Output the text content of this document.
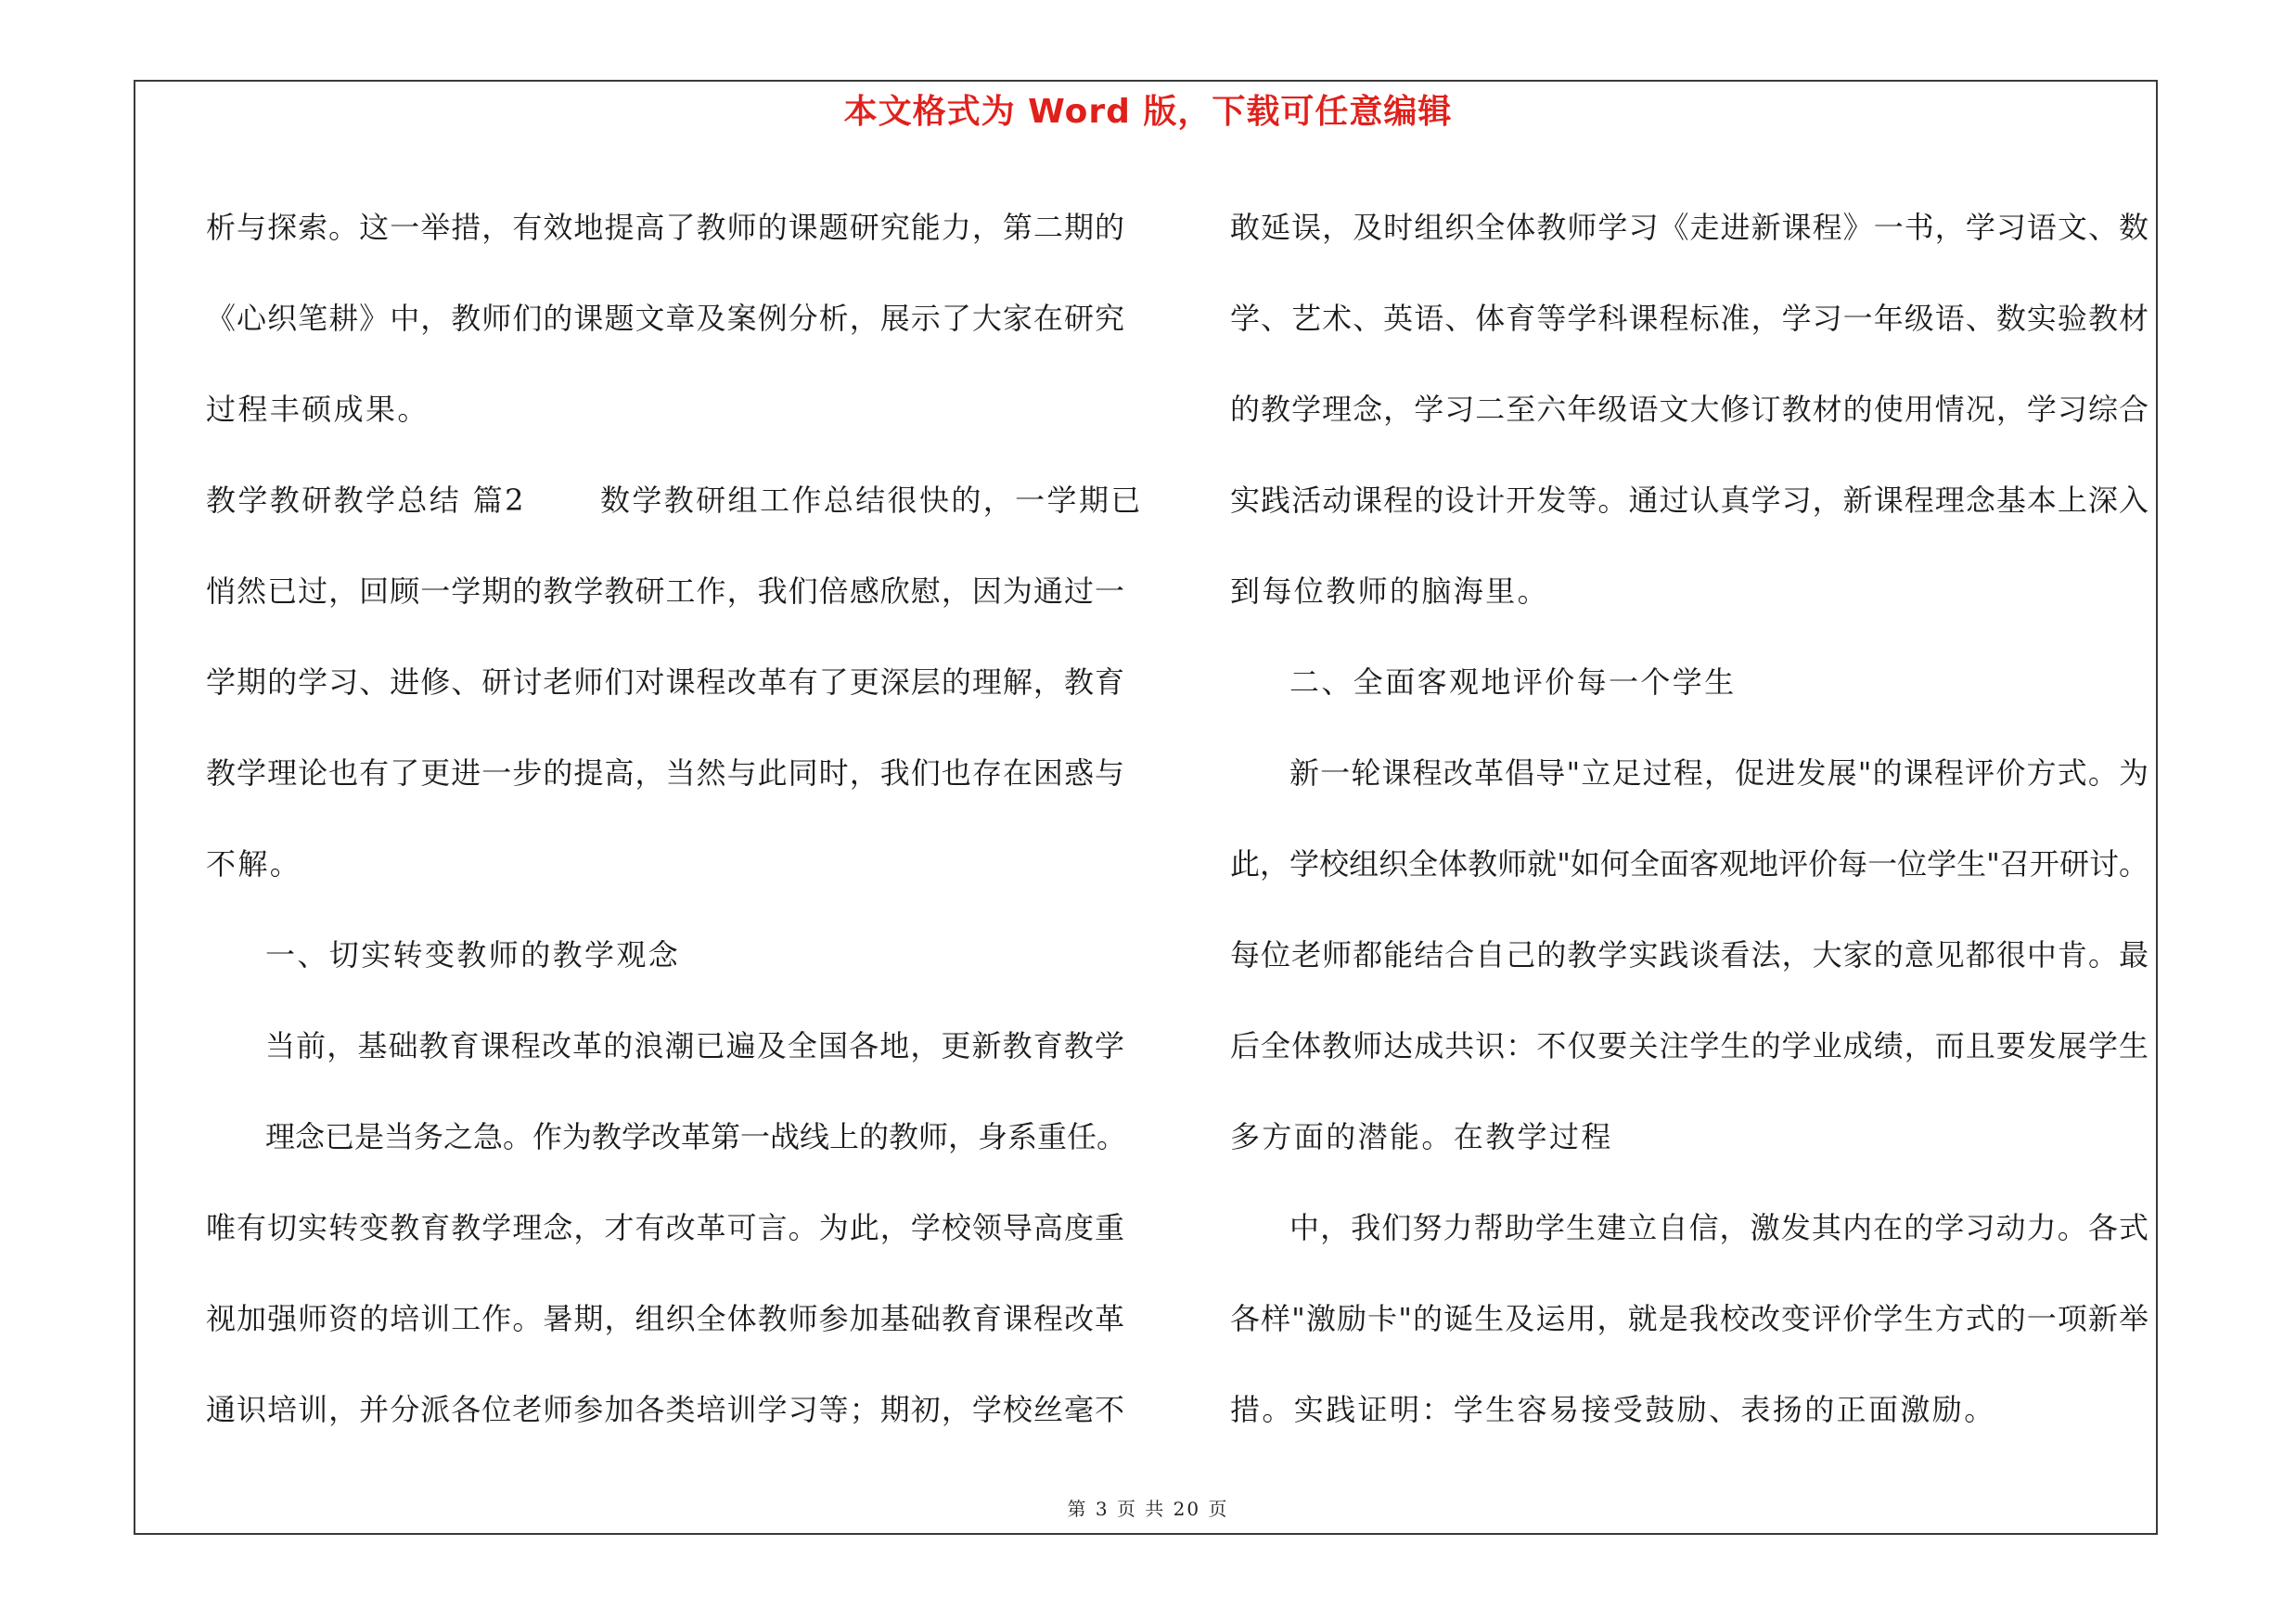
本文格式为 Word 版，下载可任意编辑
析与探索。这一举措，有效地提高了教师的课题研究能力，第二期的
《心织笔耕》中，教师们的课题文章及案例分析，展示了大家在研究
过程丰硕成果。
教学教研教学总结 篇2	数学教研组工作总结很快的，一学期已
悄然已过，回顾一学期的教学教研工作，我们倍感欣慰，因为通过一
学期的学习、进修、研讨老师们对课程改革有了更深层的理解，教育
教学理论也有了更进一步的提高，当然与此同时，我们也存在困惑与
不解。
一、切实转变教师的教学观念
当前，基础教育课程改革的浪潮已遍及全国各地，更新教育教学
理念已是当务之急。作为教学改革第一战线上的教师，身系重任。
唯有切实转变教育教学理念，才有改革可言。为此，学校领导高度重
视加强师资的培训工作。暑期，组织全体教师参加基础教育课程改革
通识培训，并分派各位老师参加各类培训学习等；期初，学校丝毫不
敢延误，及时组织全体教师学习《走进新课程》一书，学习语文、数
学、艺术、英语、体育等学科课程标准，学习一年级语、数实验教材
的教学理念，学习二至六年级语文大修订教材的使用情况，学习综合
实践活动课程的设计开发等。通过认真学习，新课程理念基本上深入
到每位教师的脑海里。
二、全面客观地评价每一个学生
新一轮课程改革倡导"立足过程，促进发展"的课程评价方式。为
此，学校组织全体教师就"如何全面客观地评价每一位学生"召开研讨。
每位老师都能结合自己的教学实践谈看法，大家的意见都很中肯。最
后全体教师达成共识：不仅要关注学生的学业成绩，而且要发展学生
多方面的潜能。在教学过程
中，我们努力帮助学生建立自信，激发其内在的学习动力。各式
各样"激励卡"的诞生及运用，就是我校改变评价学生方式的一项新举
措。实践证明：学生容易接受鼓励、表扬的正面激励。
第 3 页 共 20 页
